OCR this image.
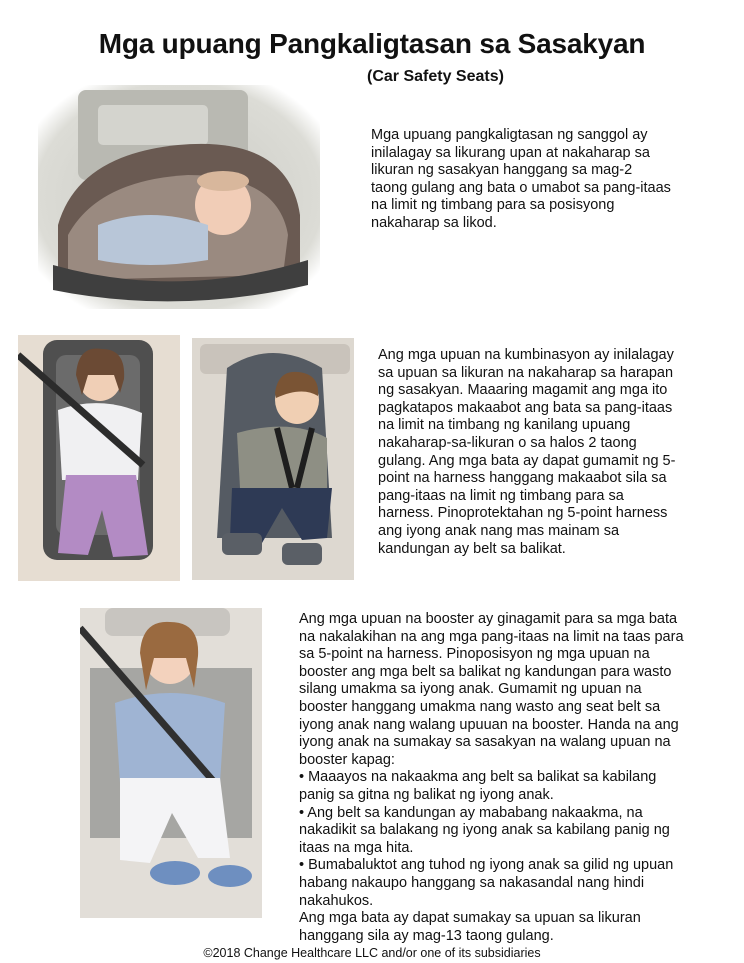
Mga upuang Pangkaligtasan sa Sasakyan
(Car Safety Seats)

Mga upuang pangkaligtasan ng sanggol ay inilalagay sa likurang upan at nakaharap sa likuran ng sasakyan hanggang sa mag-2 taong gulang ang bata o umabot sa pang-itaas na limit ng timbang para sa posisyong nakaharap sa likod.

Ang mga upuan na kumbinasyon ay inilalagay sa upuan sa likuran na nakaharap sa harapan ng sasakyan. Maaaring magamit ang mga ito pagkatapos makaabot ang bata sa pang-itaas na limit na timbang ng kanilang upuang nakaharap-sa-likuran o sa halos 2 taong gulang. Ang mga bata ay dapat gumamit ng 5-point na harness hanggang makaabot sila sa pang-itaas na limit ng timbang para sa harness. Pinoprotektahan ng 5-point harness ang iyong anak nang mas mainam sa kandungan ay belt sa balikat.

Ang mga upuan na booster ay ginagamit para sa mga bata na nakalakihan na ang mga pang-itaas na limit na taas para sa 5-point na harness. Pinoposisyon ng mga upuan na booster ang mga belt sa balikat ng kandungan para wasto silang umakma sa iyong anak. Gumamit ng upuan na booster hanggang umakma nang wasto ang seat belt sa iyong anak nang walang upuuan na booster. Handa na ang iyong anak na sumakay sa sasakyan na walang upuan na booster kapag:

• Maaayos na nakaakma ang belt sa balikat sa kabilang panig sa gitna ng balikat ng iyong anak.

• Ang belt sa kandungan ay mababang nakaakma, na nakadikit sa balakang ng iyong anak sa kabilang panig ng itaas na mga hita.

• Bumabaluktot ang tuhod ng iyong anak sa gilid ng upuan habang nakaupo hanggang sa nakasandal nang hindi nakahukos.

Ang mga bata ay dapat sumakay sa upuan sa likuran hanggang sila ay mag-13 taong gulang.

©2018 Change Healthcare LLC and/or one of its subsidiaries
